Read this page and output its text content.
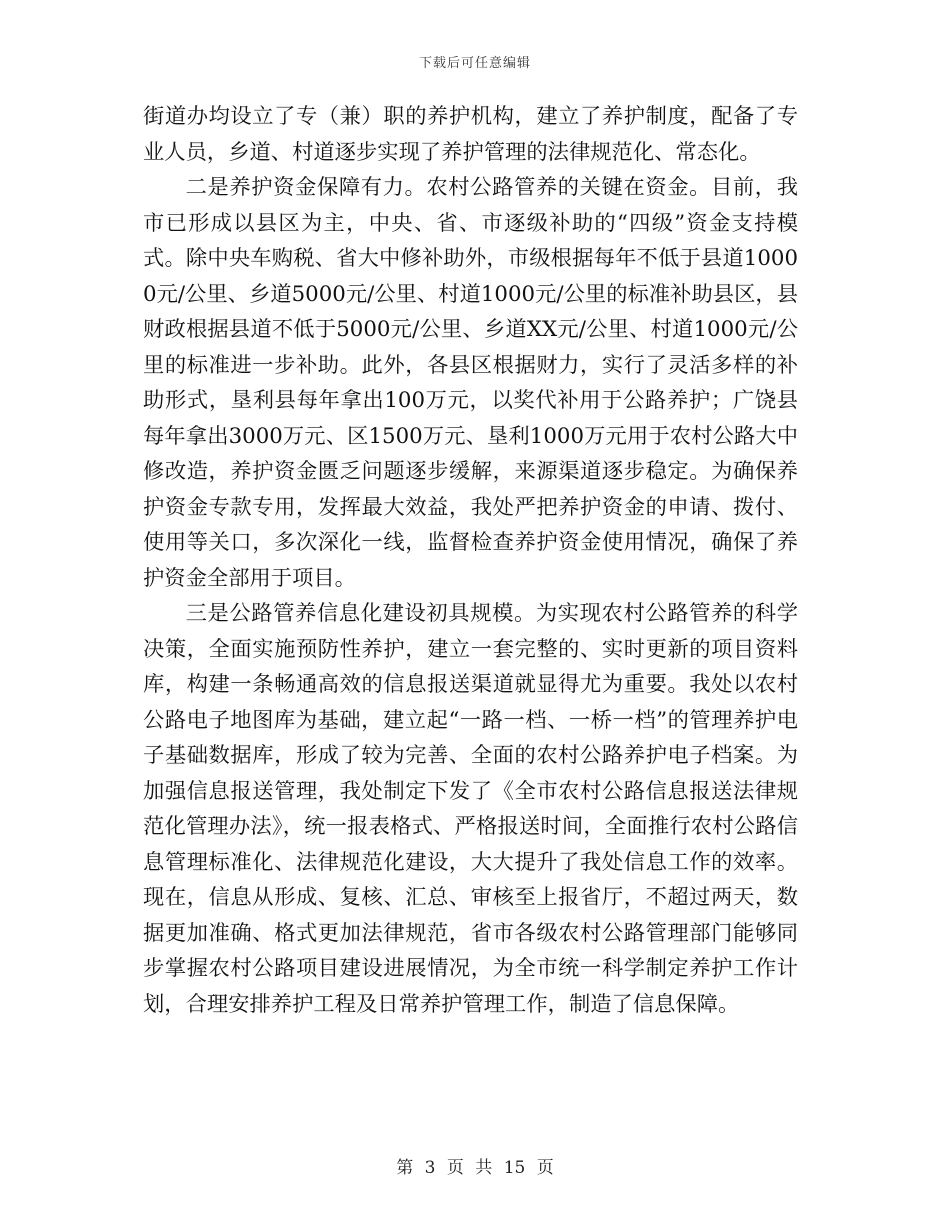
下载后可任意编辑

街道办均设立了专（兼）职的养护机构，建立了养护制度，配备了专业人员，乡道、村道逐步实现了养护管理的法律规范化、常态化。

二是养护资金保障有力。农村公路管养的关键在资金。目前，我市已形成以县区为主，中央、省、市逐级补助的“四级”资金支持模式。除中央车购税、省大中修补助外，市级根据每年不低于县道10000元/公里、乡道5000元/公里、村道1000元/公里的标准补助县区，县财政根据县道不低于5000元/公里、乡道XX元/公里、村道1000元/公里的标准进一步补助。此外，各县区根据财力，实行了灵活多样的补助形式，垦利县每年拿出100万元，以奖代补用于公路养护；广饶县每年拿出3000万元、区1500万元、垦利1000万元用于农村公路大中修改造，养护资金匮乏问题逐步缓解，来源渠道逐步稳定。为确保养护资金专款专用，发挥最大效益，我处严把养护资金的申请、拨付、使用等关口，多次深化一线，监督检查养护资金使用情况，确保了养护资金全部用于项目。

三是公路管养信息化建设初具规模。为实现农村公路管养的科学决策，全面实施预防性养护，建立一套完整的、实时更新的项目资料库，构建一条畅通高效的信息报送渠道就显得尤为重要。我处以农村公路电子地图库为基础，建立起“一路一档、一桥一档”的管理养护电子基础数据库，形成了较为完善、全面的农村公路养护电子档案。为加强信息报送管理，我处制定下发了《全市农村公路信息报送法律规范化管理办法》，统一报表格式、严格报送时间，全面推行农村公路信息管理标准化、法律规范化建设，大大提升了我处信息工作的效率。现在，信息从形成、复核、汇总、审核至上报省厅，不超过两天，数据更加准确、格式更加法律规范，省市各级农村公路管理部门能够同步掌握农村公路项目建设进展情况，为全市统一科学制定养护工作计划，合理安排养护工程及日常养护管理工作，制造了信息保障。

第 3 页 共 15 页
